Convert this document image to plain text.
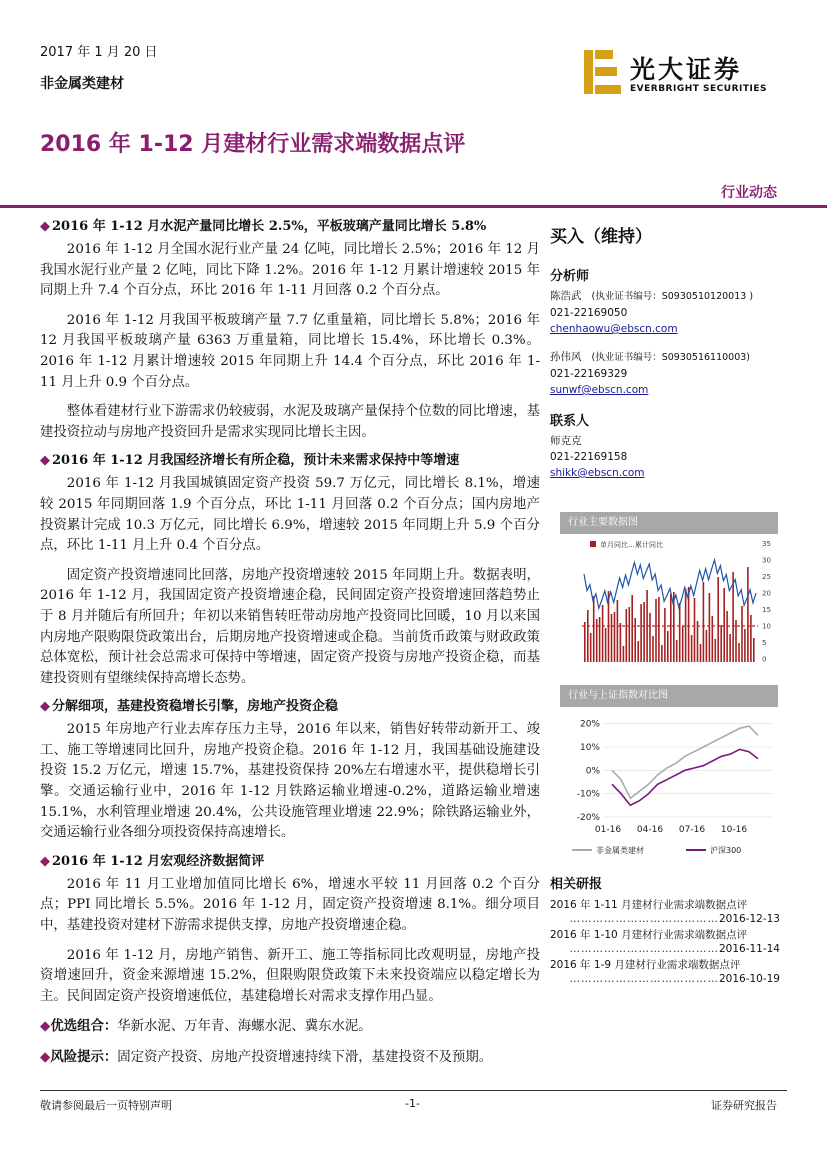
2017 年 1 月 20 日
非金属类建材	光大证券
EVERBRIGHT SECURITIES
2016 年 1-12 月建材行业需求端数据点评
行业动态
◆ 2016 年 1-12 月水泥产量同比增长 2.5%，平板玻璃产量同比增长 5.8%

2016 年 1-12 月全国水泥行业产量 24 亿吨，同比增长 2.5%；2016 年 12 月我国水泥行业产量 2 亿吨，同比下降 1.2%。2016 年 1-12 月累计增速较 2015 年同期上升 7.4 个百分点，环比 2016 年 1-11 月回落 0.2 个百分点。

2016 年 1-12 月我国平板玻璃产量 7.7 亿重量箱，同比增长 5.8%；2016 年 12 月我国平板玻璃产量 6363 万重量箱，同比增长 15.4%，环比增长 0.3%。2016 年 1-12 月累计增速较 2015 年同期上升 14.4 个百分点，环比 2016 年 1-11 月上升 0.9 个百分点。

整体看建材行业下游需求仍较疲弱，水泥及玻璃产量保持个位数的同比增速，基建投资拉动与房地产投资回升是需求实现同比增长主因。

◆ 2016 年 1-12 月我国经济增长有所企稳，预计未来需求保持中等增速

2016 年 1-12 月我国城镇固定资产投资 59.7 万亿元，同比增长 8.1%，增速较 2015 年同期回落 1.9 个百分点，环比 1-11 月回落 0.2 个百分点；国内房地产投资累计完成 10.3 万亿元，同比增长 6.9%，增速较 2015 年同期上升 5.9 个百分点，环比 1-11 月上升 0.4 个百分点。

固定资产投资增速同比回落，房地产投资增速较 2015 年同期上升。数据表明，2016 年 1-12 月，我国固定资产投资增速企稳，民间固定资产投资增速回落趋势止于 8 月并随后有所回升；年初以来销售转旺带动房地产投资同比回暖，10 月以来国内房地产限购限贷政策出台，后期房地产投资增速或企稳。当前货币政策与财政政策总体宽松，预计社会总需求可保持中等增速，固定资产投资与房地产投资企稳，而基建投资则有望继续保持高增长态势。

◆ 分解细项，基建投资稳增长引擎，房地产投资企稳

2015 年房地产行业去库存压力主导，2016 年以来，销售好转带动新开工、竣工、施工等增速同比回升，房地产投资企稳。2016 年 1-12 月，我国基础设施建设投资 15.2 万亿元，增速 15.7%，基建投资保持 20%左右增速水平，提供稳增长引擎。交通运输行业中，2016 年 1-12 月铁路运输业增速-0.2%，道路运输业增速 15.1%，水利管理业增速 20.4%，公共设施管理业增速 22.9%；除铁路运输业外，交通运输行业各细分项投资保持高速增长。

◆ 2016 年 1-12 月宏观经济数据简评

2016 年 11 月工业增加值同比增长 6%，增速水平较 11 月回落 0.2 个百分点；PPI 同比增长 5.5%。2016 年 1-12 月，固定资产投资增速 8.1%。细分项目中，基建投资对建材下游需求提供支撑，房地产投资增速企稳。

2016 年 1-12 月，房地产销售、新开工、施工等指标同比改观明显，房地产投资增速回升，资金来源增速 15.2%，但限购限贷政策下未来投资端应以稳定增长为主。民间固定资产投资增速低位，基建稳增长对需求支撑作用凸显。

◆优选组合：华新水泥、万年青、海螺水泥、冀东水泥。
◆风险提示：固定资产投资、房地产投资增速持续下滑，基建投资不及预期。
买入（维持）
分析师
陈浩武 (执业证书编号：S0930510120013 )
021-22169050
chenhaowu@ebscn.com
孙伟风 (执业证书编号：S0930516110003)
021-22169329
sunwf@ebscn.com
联系人
师克克
021-22169158
shikk@ebscn.com
行业主要数据图
单月同比…累计同比	35
30
25
20
15
10
5
0
行业与上证指数对比图
20%
10%
0%
-10%
-20%
01-16 04-16 07-16 10-16
非金属类建材	沪深300
相关研报
2016 年 1-11 月建材行业需求端数据点评
…………………………………2016-12-13
2016 年 1-10 月建材行业需求端数据点评
…………………………………2016-11-14
2016 年 1-9 月建材行业需求端数据点评
…………………………………2016-10-19
敬请参阅最后一页特别声明	-1-	证券研究报告
